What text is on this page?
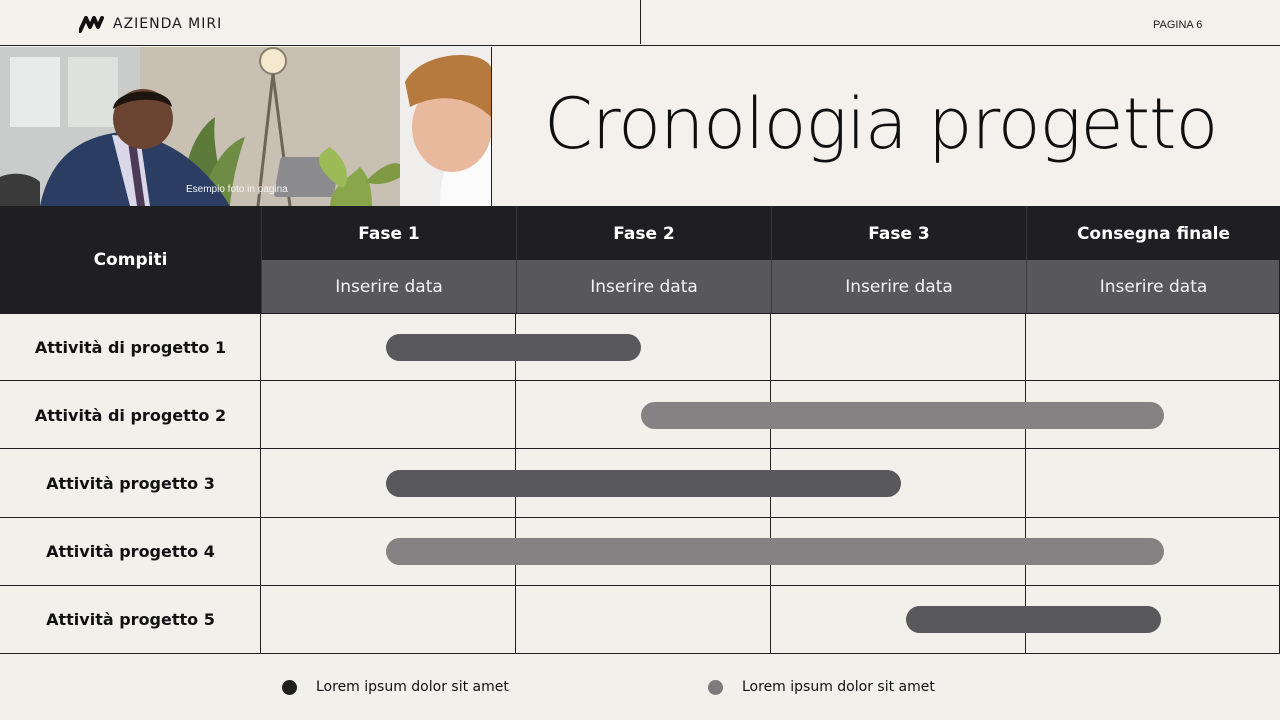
AZIENDA MIRI	PAGINA 6
Esempio foto in pagina
Cronologia progetto
Compiti
Fase 1	Fase 2	Fase 3	Consegna finale
Inserire data	Inserire data	Inserire data	Inserire data
Attività di progetto 1
Attività di progetto 2
Attività progetto 3
Attività progetto 4
Attività progetto 5
Lorem ipsum dolor sit amet	Lorem ipsum dolor sit amet
